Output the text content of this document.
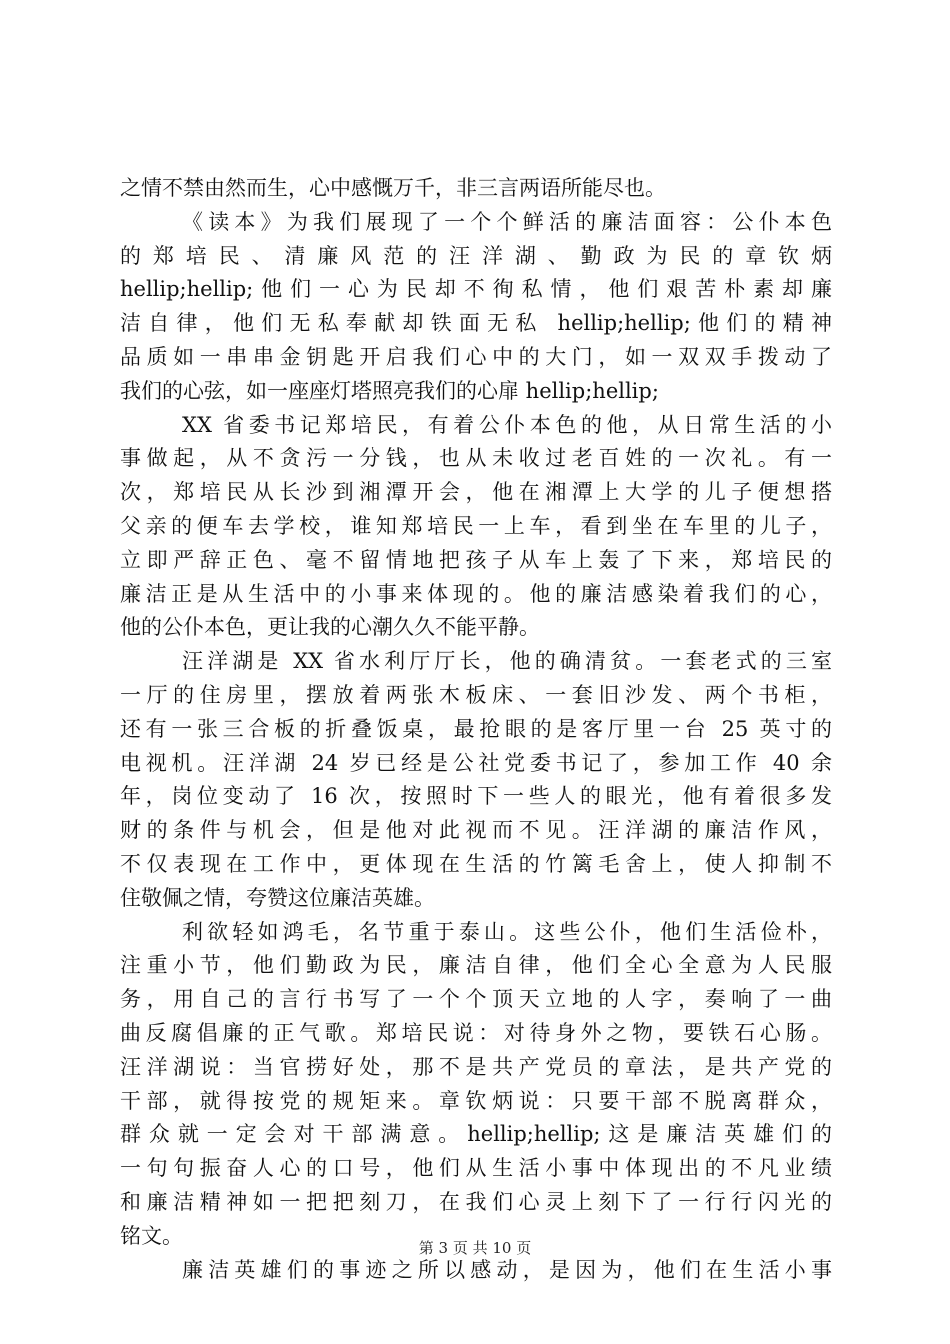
之情不禁由然而生，心中感慨万千，非三言两语所能尽也。
《读本》为我们展现了一个个鲜活的廉洁面容：公仆本色
的郑培民、清廉风范的汪洋湖、勤政为民的章钦炳
hellip;hellip;他们一心为民却不徇私情，他们艰苦朴素却廉
洁自律，他们无私奉献却铁面无私 hellip;hellip;他们的精神
品质如一串串金钥匙开启我们心中的大门，如一双双手拨动了
我们的心弦，如一座座灯塔照亮我们的心扉 hellip;hellip;
XX 省委书记郑培民，有着公仆本色的他，从日常生活的小
事做起，从不贪污一分钱，也从未收过老百姓的一次礼。有一
次，郑培民从长沙到湘潭开会，他在湘潭上大学的儿子便想搭
父亲的便车去学校，谁知郑培民一上车，看到坐在车里的儿子，
立即严辞正色、毫不留情地把孩子从车上轰了下来，郑培民的
廉洁正是从生活中的小事来体现的。他的廉洁感染着我们的心，
他的公仆本色，更让我的心潮久久不能平静。
汪洋湖是 XX 省水利厅厅长，他的确清贫。一套老式的三室
一厅的住房里，摆放着两张木板床、一套旧沙发、两个书柜，
还有一张三合板的折叠饭桌，最抢眼的是客厅里一台 25 英寸的
电视机。汪洋湖 24 岁已经是公社党委书记了，参加工作 40 余
年，岗位变动了 16 次，按照时下一些人的眼光，他有着很多发
财的条件与机会，但是他对此视而不见。汪洋湖的廉洁作风，
不仅表现在工作中，更体现在生活的竹篱毛舍上，使人抑制不
住敬佩之情，夸赞这位廉洁英雄。
利欲轻如鸿毛，名节重于泰山。这些公仆，他们生活俭朴，
注重小节，他们勤政为民，廉洁自律，他们全心全意为人民服
务，用自己的言行书写了一个个顶天立地的人字，奏响了一曲
曲反腐倡廉的正气歌。郑培民说：对待身外之物，要铁石心肠。
汪洋湖说：当官捞好处，那不是共产党员的章法，是共产党的
干部，就得按党的规矩来。章钦炳说：只要干部不脱离群众，
群众就一定会对干部满意。hellip;hellip;这是廉洁英雄们的
一句句振奋人心的口号，他们从生活小事中体现出的不凡业绩
和廉洁精神如一把把刻刀，在我们心灵上刻下了一行行闪光的
铭文。
廉洁英雄们的事迹之所以感动，是因为，他们在生活小事
第 3 页 共 10 页
